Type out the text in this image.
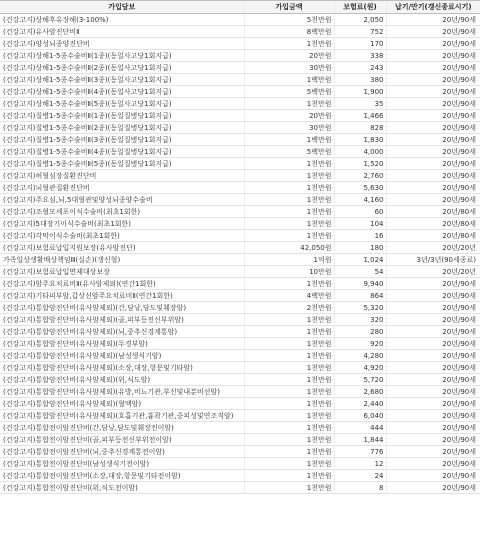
가입담보	가입금액	보험료(원)	납기/만기(갱신종료시기)
(건강고지)상해후유장해(3-100%)	5천만원	2,050	20년/90세
(건강고지)유사암진단비Ⅱ	8백만원	752	20년/90세
(건강고지)양성뇌종양진단비	1천만원	170	20년/90세
(건강고지)상해1-5종수술비Ⅱ(1종)(동일사고당1회지급)	20만원	338	20년/90세
(건강고지)상해1-5종수술비Ⅱ(2종)(동일사고당1회지급)	30만원	243	20년/90세
(건강고지)상해1-5종수술비Ⅱ(3종)(동일사고당1회지급)	1백만원	380	20년/90세
(건강고지)상해1-5종수술비Ⅱ(4종)(동일사고당1회지급)	5백만원	1,900	20년/90세
(건강고지)상해1-5종수술비Ⅱ(5종)(동일사고당1회지급)	1천만원	35	20년/90세
(건강고지)질병1-5종수술비Ⅱ(1종)(동일질병당1회지급)	20만원	1,466	20년/90세
(건강고지)질병1-5종수술비Ⅱ(2종)(동일질병당1회지급)	30만원	828	20년/90세
(건강고지)질병1-5종수술비Ⅱ(3종)(동일질병당1회지급)	1백만원	1,830	20년/90세
(건강고지)질병1-5종수술비Ⅱ(4종)(동일질병당1회지급)	5백만원	4,000	20년/90세
(건강고지)질병1-5종수술비Ⅱ(5종)(동일질병당1회지급)	1천만원	1,520	20년/90세
(건강고지)허혈심장질환진단비	1천만원	2,760	20년/90세
(건강고지)뇌혈관질환진단비	1천만원	5,630	20년/90세
(건강고지)주요심,뇌,5대혈관및양성뇌종양수술비	1천만원	4,160	20년/90세
(건강고지)조혈모세포이식수술비(최초1회한)	1천만원	60	20년/80세
(건강고지)5대장기이식수술비(최초1회한)	1천만원	104	20년/80세
(건강고지)각막이식수술비(최초1회한)	1천만원	16	20년/80세
(건강고지)보험료납입지원보장(유사암진단)	42,050원	180	20년/20년
가족일상생활배상책임Ⅲ(실손)(갱신형)	1억원	1,024	3년/3년(90세종료)
(건강고지)보험료납입면제대상보장	10만원	54	20년/20년
(건강고지)암주요치료비Ⅱ(유사암제외)(연간1회한)	1천만원	9,940	20년/90세
(건강고지)기타피부암,갑상선암주요치료비Ⅱ(연간1회한)	4백만원	864	20년/90세
(건강고지)통합암진단비(유사암제외)(간,담낭,담도및췌장암)	2천만원	5,320	20년/90세
(건강고지)통합암진단비(유사암제외)(골,피부등전신부위암)	1천만원	320	20년/90세
(건강고지)통합암진단비(유사암제외)(뇌,중추신경계통암)	1천만원	280	20년/90세
(건강고지)통합암진단비(유사암제외)(두경부암)	1천만원	920	20년/90세
(건강고지)통합암진단비(유사암제외)(남성생식기암)	1천만원	4,280	20년/90세
(건강고지)통합암진단비(유사암제외)(소장,대장,항문및기타암)	1천만원	4,920	20년/90세
(건강고지)통합암진단비(유사암제외)(위,식도암)	1천만원	5,720	20년/90세
(건강고지)통합암진단비(유사암제외)(유방,비뇨기관,부신및내분비선암)	1천만원	2,680	20년/90세
(건강고지)통합암진단비(유사암제외)(혈액암)	1천만원	2,440	20년/90세
(건강고지)통합암진단비(유사암제외)(호흡기관,흉곽기관,중피성및연조직암)	1천만원	6,040	20년/90세
(건강고지)통합전이암진단비(간,담낭,담도및췌장전이암)	1천만원	444	20년/90세
(건강고지)통합전이암진단비(골,피부등전신부위전이암)	1천만원	1,844	20년/90세
(건강고지)통합전이암진단비(뇌,중추신경계통전이암)	1천만원	776	20년/90세
(건강고지)통합전이암진단비(남성생식기전이암)	1천만원	12	20년/90세
(건강고지)통합전이암진단비(소장,대장,항문및기타전이암)	1천만원	24	20년/90세
(건강고지)통합전이암진단비(위,식도전이암)	1천만원	8	20년/90세
